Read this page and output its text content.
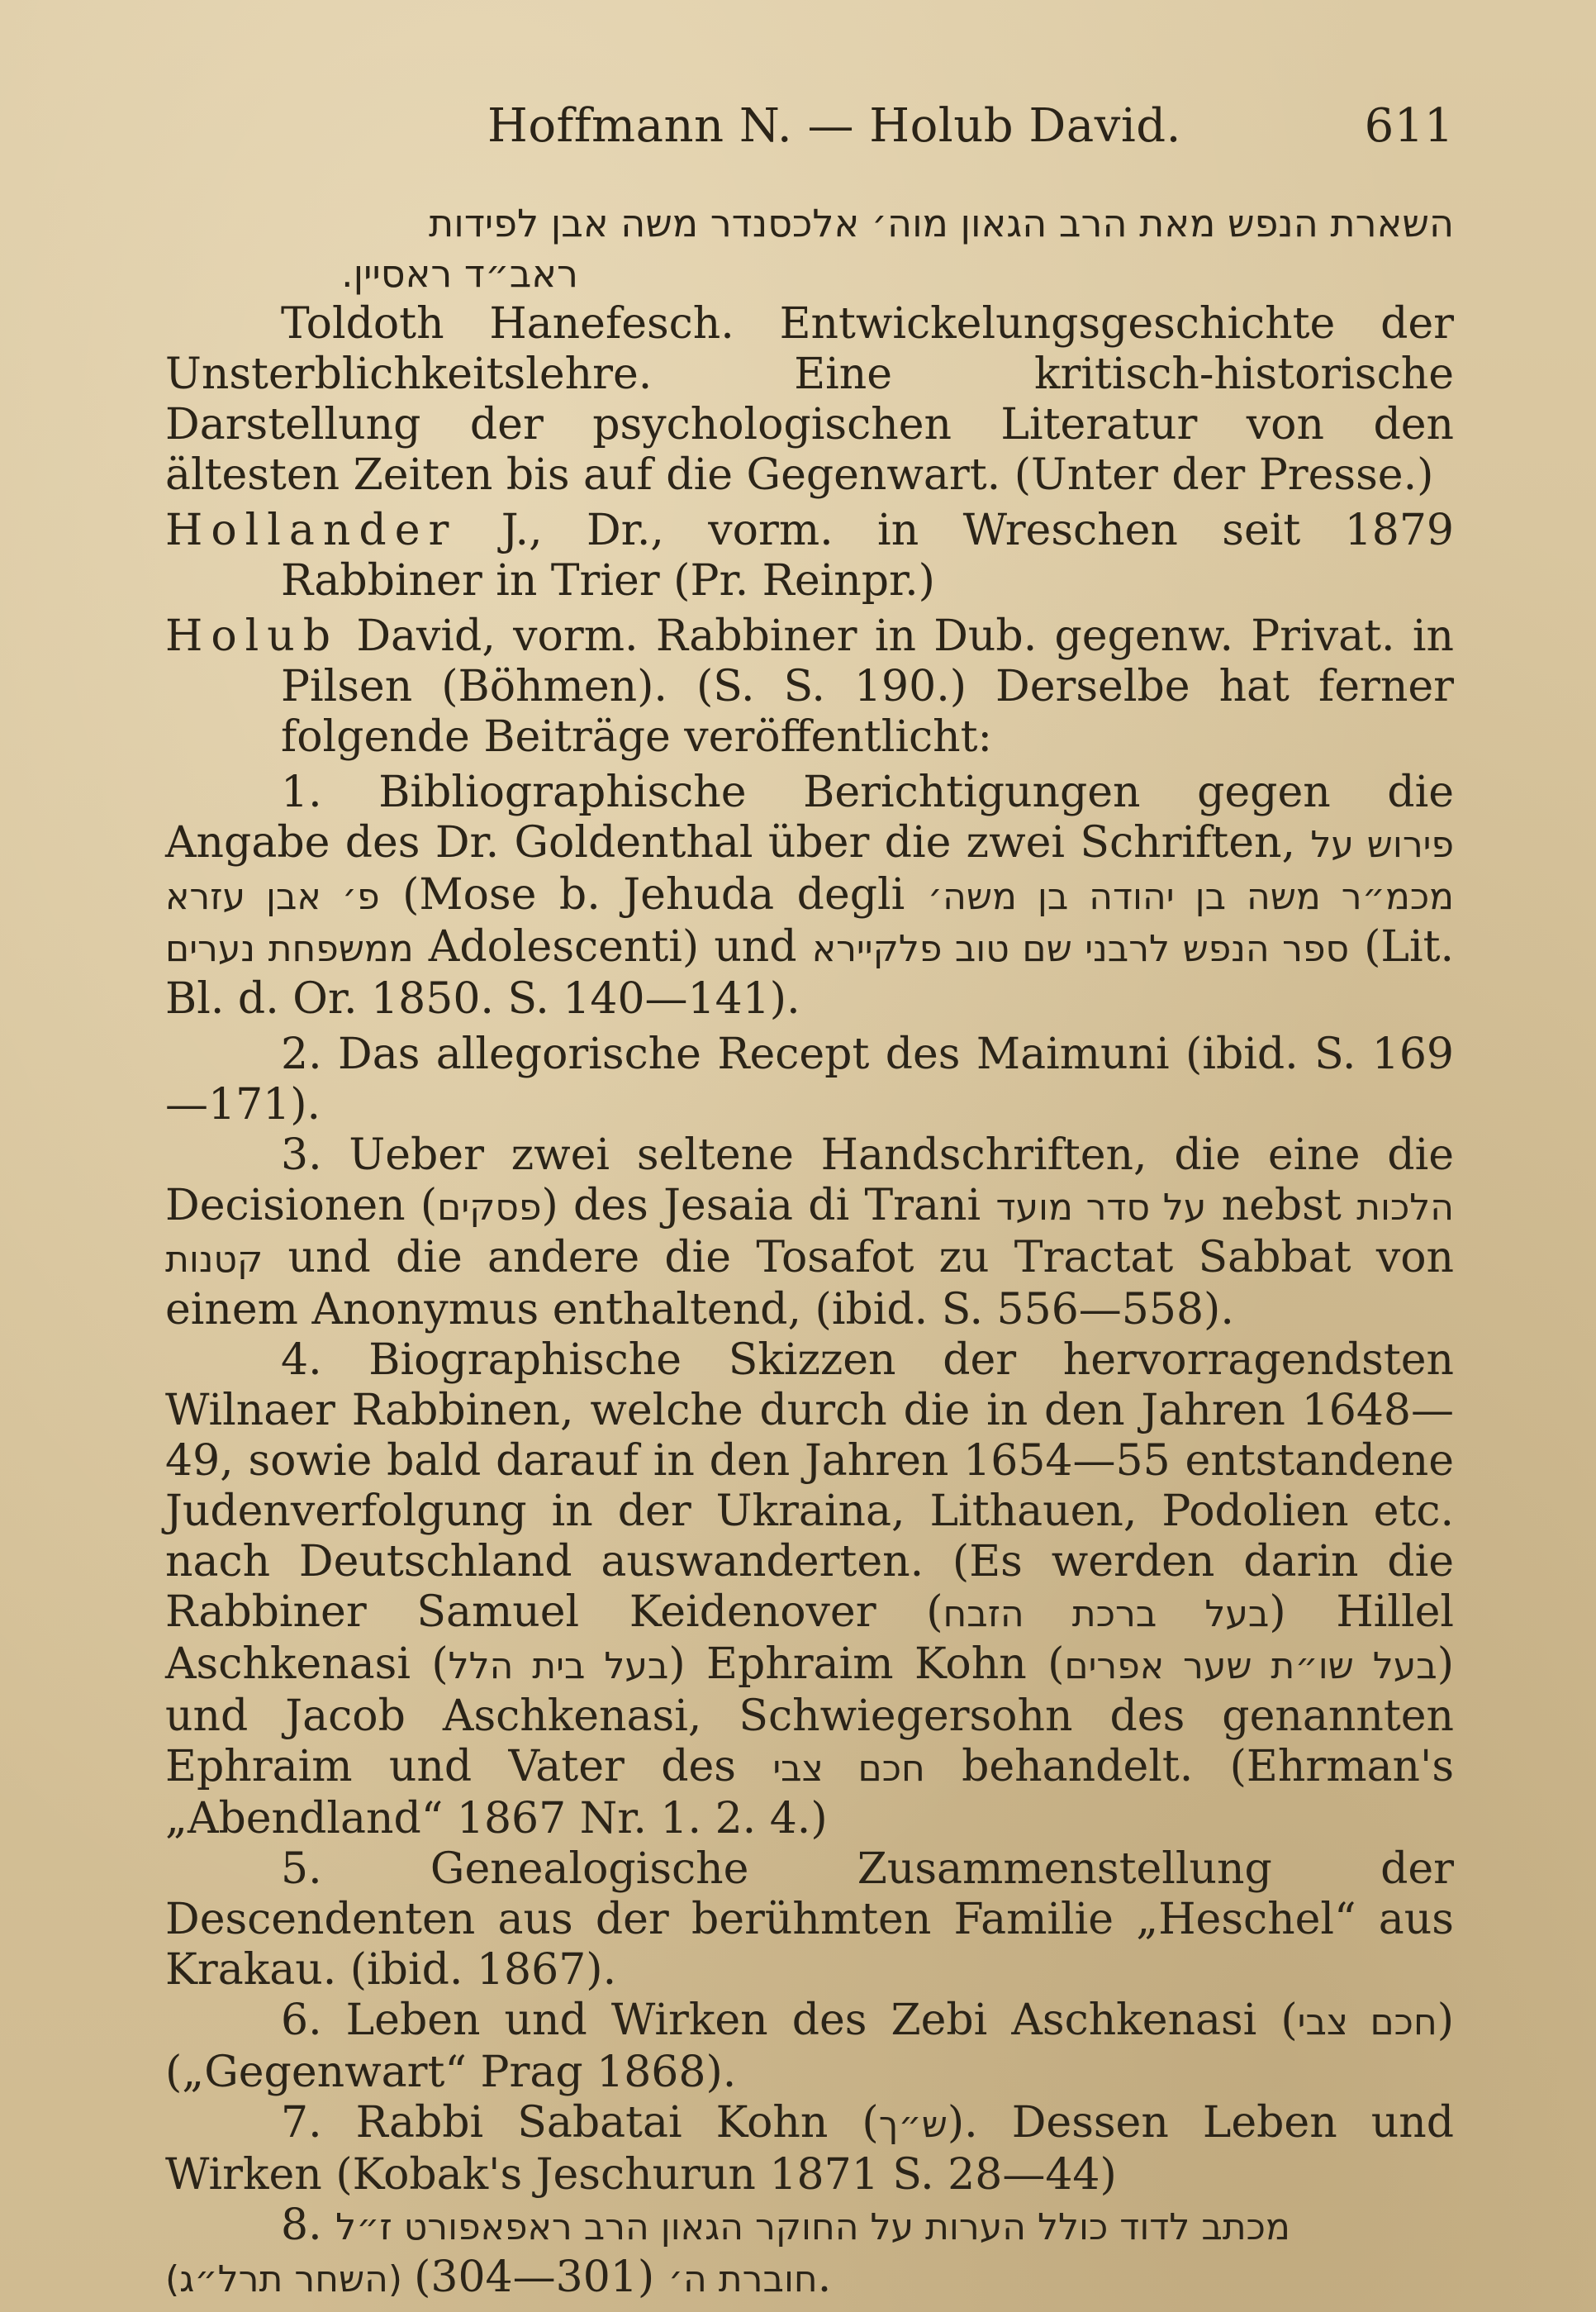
Hoffmann N. — Holub David.	611

השארת הנפש מאת הרב הגאון מוה׳ אלכסנדר משה אבן לפידות

ראב״ד ראסיין.

Toldoth Hanefesch. Entwickelungsgeschichte der Unsterblichkeitslehre. Eine kritisch-historische Darstellung der psychologischen Literatur von den ältesten Zeiten bis auf die Gegenwart. (Unter der Presse.)

Hollander J., Dr., vorm. in Wreschen seit 1879 Rabbiner in Trier (Pr. Reinpr.)

Holub David, vorm. Rabbiner in Dub. gegenw. Privat. in Pilsen (Böhmen). (S. S. 190.) Derselbe hat ferner folgende Beiträge veröffentlicht:

1. Bibliographische Berichtigungen gegen die Angabe des Dr. Goldenthal über die zwei Schriften, פירוש על פ׳ אבן עזרא (Mose b. Jehuda degli מכמ״ר משה בן יהודה בן משה׳ ממשפחת נערים Adolescenti) und ספר הנפש לרבני שם טוב פלקיירא (Lit. Bl. d. Or. 1850. S. 140—141).

2. Das allegorische Recept des Maimuni (ibid. S. 169—171).

3. Ueber zwei seltene Handschriften, die eine die Decisionen (פסקים) des Jesaia di Trani על סדר מועד nebst הלכות קטנות und die andere die Tosafot zu Tractat Sabbat von einem Anonymus enthaltend, (ibid. S. 556—558).

4. Biographische Skizzen der hervorragendsten Wilnaer Rabbinen, welche durch die in den Jahren 1648—49, sowie bald darauf in den Jahren 1654—55 entstandene Judenverfolgung in der Ukraina, Lithauen, Podolien etc. nach Deutschland auswanderten. (Es werden darin die Rabbiner Samuel Keidenover (בעל ברכת הזבח) Hillel Aschkenasi (בעל בית הלל) Ephraim Kohn (בעל שו״ת שער אפרים) und Jacob Aschkenasi, Schwiegersohn des genannten Ephraim und Vater des חכם צבי behandelt. (Ehrman's „Abendland“ 1867 Nr. 1. 2. 4.)

5. Genealogische Zusammenstellung der Descendenten aus der berühmten Familie „Heschel“ aus Krakau. (ibid. 1867).

6. Leben und Wirken des Zebi Aschkenasi (חכם צבי) („Gegenwart“ Prag 1868).

7. Rabbi Sabatai Kohn (ש״ך). Dessen Leben und Wirken (Kobak's Jeschurun 1871 S. 28—44)

8. מכתב לדוד כולל הערות על החוקר הגאון הרב ראפאפורט ז״ל

(השחר תרל״ג) חוברת ה׳ (301—304).
